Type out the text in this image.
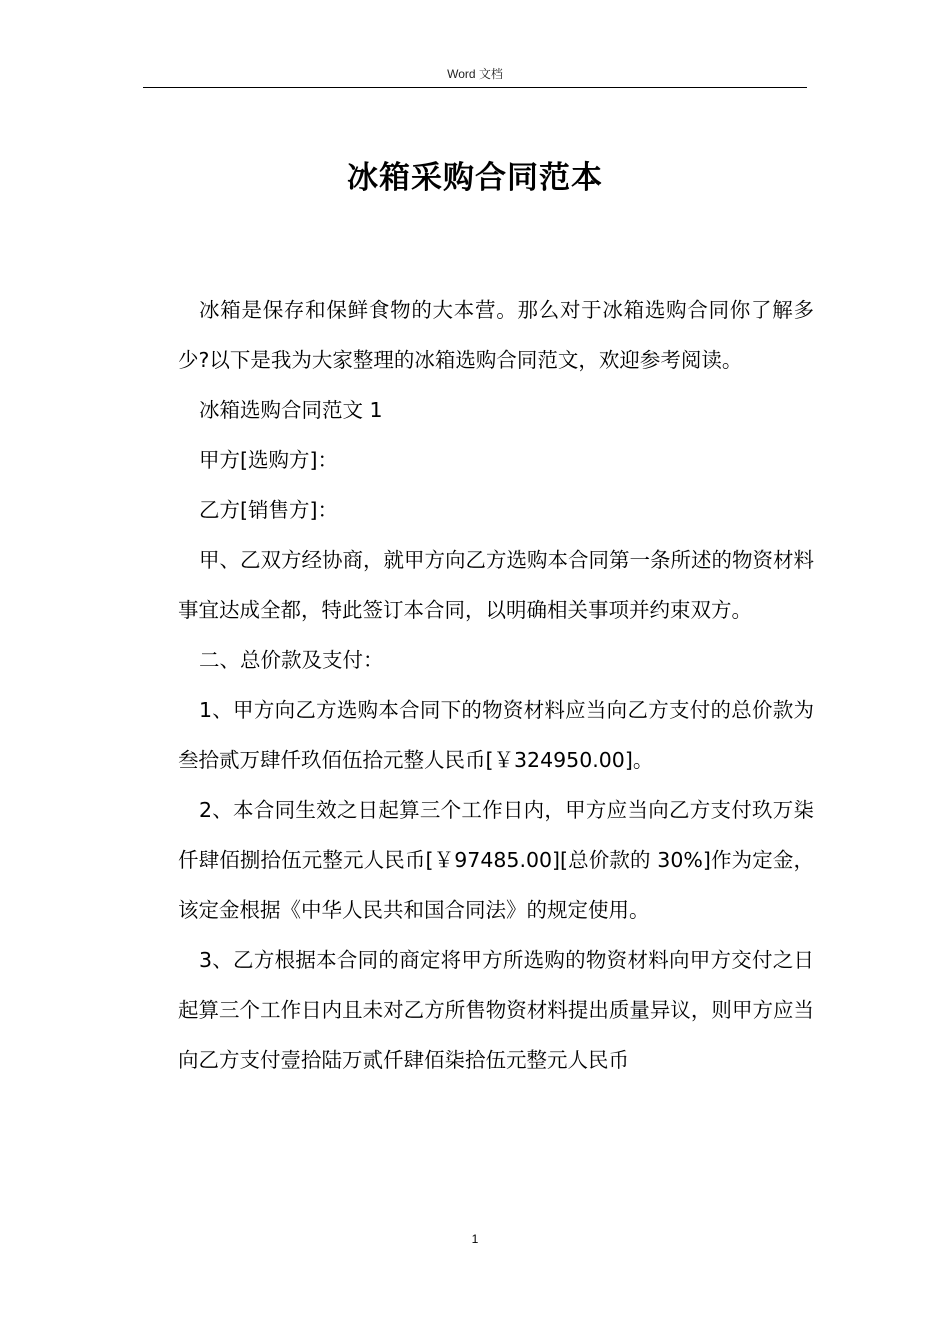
Word 文档
冰箱采购合同范本

冰箱是保存和保鲜食物的大本营。那么对于冰箱选购合同你了解多少?以下是我为大家整理的冰箱选购合同范文，欢迎参考阅读。

冰箱选购合同范文 1

甲方[选购方]：

乙方[销售方]：

甲、乙双方经协商，就甲方向乙方选购本合同第一条所述的物资材料事宜达成全都，特此签订本合同，以明确相关事项并约束双方。

二、总价款及支付：

1、甲方向乙方选购本合同下的物资材料应当向乙方支付的总价款为叁拾贰万肆仟玖佰伍拾元整人民币[￥324950.00]。

2、本合同生效之日起算三个工作日内，甲方应当向乙方支付玖万柒仟肆佰捌拾伍元整元人民币[￥97485.00][总价款的 30%]作为定金，该定金根据《中华人民共和国合同法》的规定使用。

3、乙方根据本合同的商定将甲方所选购的物资材料向甲方交付之日起算三个工作日内且未对乙方所售物资材料提出质量异议，则甲方应当向乙方支付壹拾陆万贰仟肆佰柒拾伍元整元人民币

1
